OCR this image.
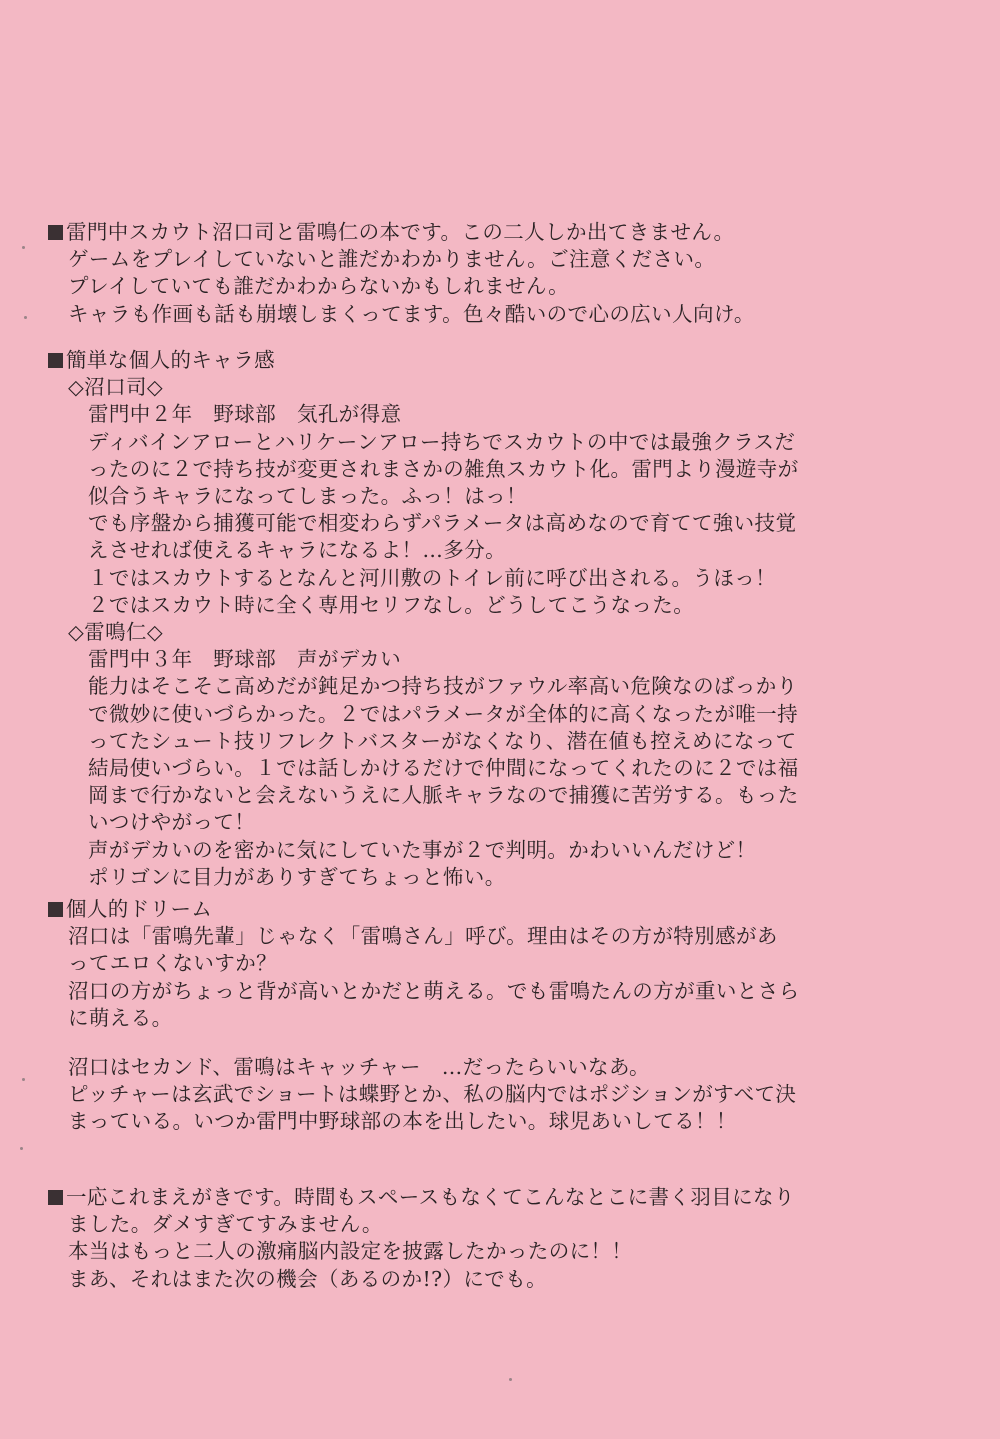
雷門中スカウト沼口司と雷鳴仁の本です。この二人しか出てきません。
ゲームをプレイしていないと誰だかわかりません。ご注意ください。
プレイしていても誰だかわからないかもしれません。
キャラも作画も話も崩壊しまくってます。色々酷いので心の広い人向け。
簡単な個人的キャラ感
◇沼口司◇
雷門中２年　野球部　気孔が得意
ディバインアローとハリケーンアロー持ちでスカウトの中では最強クラスだ
ったのに２で持ち技が変更されまさかの雑魚スカウト化。雷門より漫遊寺が
似合うキャラになってしまった。ふっ！はっ！
でも序盤から捕獲可能で相変わらずパラメータは高めなので育てて強い技覚
えさせれば使えるキャラになるよ！…多分。
１ではスカウトするとなんと河川敷のトイレ前に呼び出される。うほっ！
２ではスカウト時に全く専用セリフなし。どうしてこうなった。
◇雷鳴仁◇
雷門中３年　野球部　声がデカい
能力はそこそこ高めだが鈍足かつ持ち技がファウル率高い危険なのばっかり
で微妙に使いづらかった。２ではパラメータが全体的に高くなったが唯一持
ってたシュート技リフレクトバスターがなくなり、潜在値も控えめになって
結局使いづらい。１では話しかけるだけで仲間になってくれたのに２では福
岡まで行かないと会えないうえに人脈キャラなので捕獲に苦労する。もった
いつけやがって！
声がデカいのを密かに気にしていた事が２で判明。かわいいんだけど！
ポリゴンに目力がありすぎてちょっと怖い。
個人的ドリーム
沼口は「雷鳴先輩」じゃなく「雷鳴さん」呼び。理由はその方が特別感があ
ってエロくないすか？
沼口の方がちょっと背が高いとかだと萌える。でも雷鳴たんの方が重いとさら
に萌える。
沼口はセカンド、雷鳴はキャッチャー　…だったらいいなあ。
ピッチャーは玄武でショートは蝶野とか、私の脳内ではポジションがすべて決
まっている。いつか雷門中野球部の本を出したい。球児あいしてる！！
一応これまえがきです。時間もスペースもなくてこんなとこに書く羽目になり
ました。ダメすぎてすみません。
本当はもっと二人の激痛脳内設定を披露したかったのに！！
まあ、それはまた次の機会（あるのか!?）にでも。
